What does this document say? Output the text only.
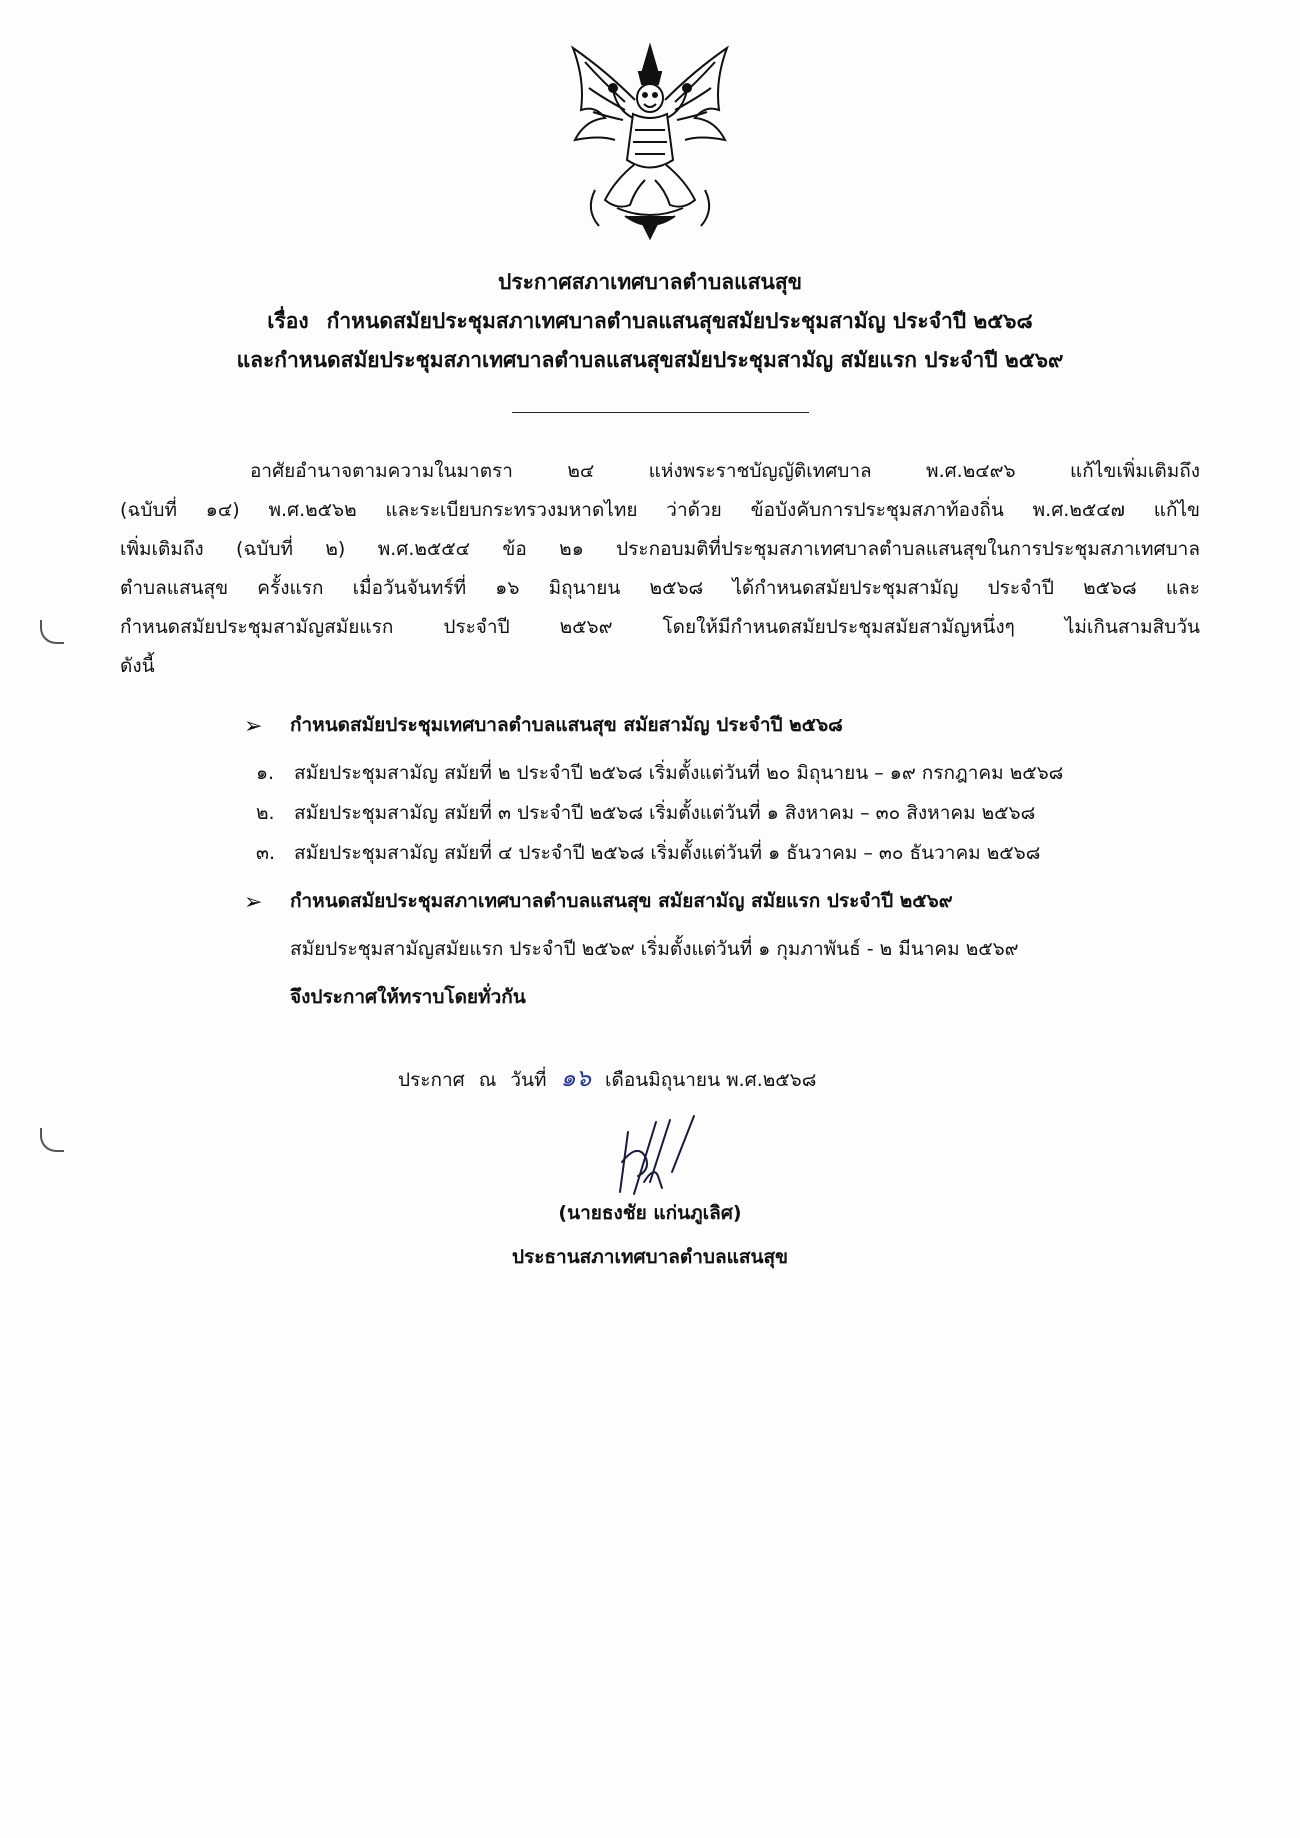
ประกาศสภาเทศบาลตำบลแสนสุข
เรื่อง กำหนดสมัยประชุมสภาเทศบาลตำบลแสนสุขสมัยประชุมสามัญ ประจำปี ๒๕๖๘
และกำหนดสมัยประชุมสภาเทศบาลตำบลแสนสุขสมัยประชุมสามัญ สมัยแรก ประจำปี ๒๕๖๙
อาศัยอำนาจตามความในมาตรา ๒๔ แห่งพระราชบัญญัติเทศบาล พ.ศ.๒๔๙๖ แก้ไขเพิ่มเติมถึง
(ฉบับที่ ๑๔) พ.ศ.๒๕๖๒ และระเบียบกระทรวงมหาดไทย ว่าด้วย ข้อบังคับการประชุมสภาท้องถิ่น พ.ศ.๒๕๔๗ แก้ไข
เพิ่มเติมถึง (ฉบับที่ ๒) พ.ศ.๒๕๕๔ ข้อ ๒๑ ประกอบมติที่ประชุมสภาเทศบาลตำบลแสนสุขในการประชุมสภาเทศบาล
ตำบลแสนสุข ครั้งแรก เมื่อวันจันทร์ที่ ๑๖ มิถุนายน ๒๕๖๘ ได้กำหนดสมัยประชุมสามัญ ประจำปี ๒๕๖๘ และ
กำหนดสมัยประชุมสามัญสมัยแรก ประจำปี ๒๕๖๙ โดยให้มีกำหนดสมัยประชุมสมัยสามัญหนึ่งๆ ไม่เกินสามสิบวัน
ดังนี้
➢ กำหนดสมัยประชุมเทศบาลตำบลแสนสุข สมัยสามัญ ประจำปี ๒๕๖๘
๑. สมัยประชุมสามัญ สมัยที่ ๒ ประจำปี ๒๕๖๘ เริ่มตั้งแต่วันที่ ๒๐ มิถุนายน – ๑๙ กรกฎาคม ๒๕๖๘
๒. สมัยประชุมสามัญ สมัยที่ ๓ ประจำปี ๒๕๖๘ เริ่มตั้งแต่วันที่ ๑ สิงหาคม – ๓๐ สิงหาคม ๒๕๖๘
๓. สมัยประชุมสามัญ สมัยที่ ๔ ประจำปี ๒๕๖๘ เริ่มตั้งแต่วันที่ ๑ ธันวาคม – ๓๐ ธันวาคม ๒๕๖๘
➢ กำหนดสมัยประชุมสภาเทศบาลตำบลแสนสุข สมัยสามัญ สมัยแรก ประจำปี ๒๕๖๙
สมัยประชุมสามัญสมัยแรก ประจำปี ๒๕๖๙ เริ่มตั้งแต่วันที่ ๑ กุมภาพันธ์ - ๒ มีนาคม ๒๕๖๙
จึงประกาศให้ทราบโดยทั่วกัน
ประกาศ ณ วันที่ ๑๖ เดือนมิถุนายน พ.ศ.๒๕๖๘
(นายธงชัย แก่นภูเลิศ)
ประธานสภาเทศบาลตำบลแสนสุข
